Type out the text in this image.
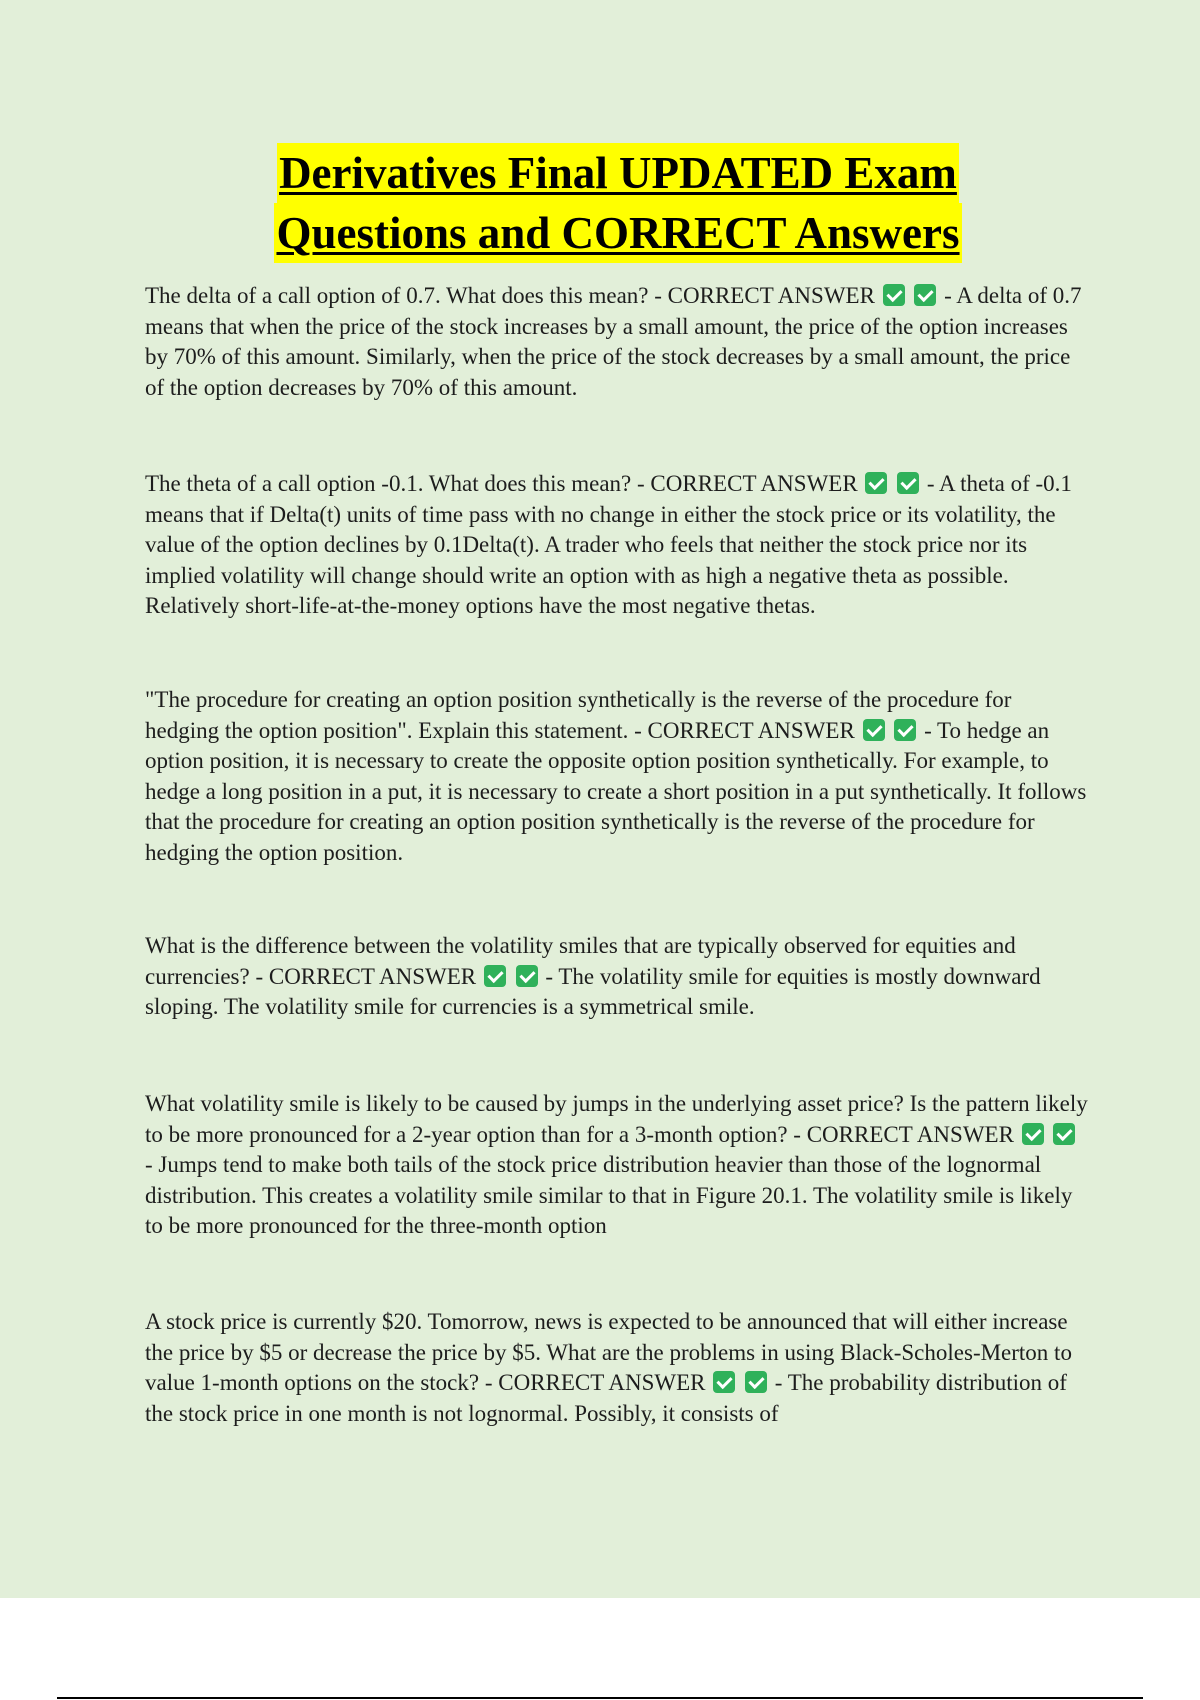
Derivatives Final UPDATED Exam
Questions and CORRECT Answers
The delta of a call option of 0.7. What does this mean? - CORRECT ANSWER	- A delta of 0.7 means that when the price of the stock increases by a small amount, the price of the option increases by 70% of this amount. Similarly, when the price of the stock decreases by a small amount, the price of the option decreases by 70% of this amount.
The theta of a call option -0.1. What does this mean? - CORRECT ANSWER	- A theta of -0.1 means that if Delta(t) units of time pass with no change in either the stock price or its volatility, the value of the option declines by 0.1Delta(t). A trader who feels that neither the stock price nor its implied volatility will change should write an option with as high a negative theta as possible. Relatively short-life-at-the-money options have the most negative thetas.
"The procedure for creating an option position synthetically is the reverse of the procedure for hedging the option position". Explain this statement. - CORRECT ANSWER	- To hedge an option position, it is necessary to create the opposite option position synthetically. For example, to hedge a long position in a put, it is necessary to create a short position in a put synthetically. It follows that the procedure for creating an option position synthetically is the reverse of the procedure for hedging the option position.
What is the difference between the volatility smiles that are typically observed for equities and currencies? - CORRECT ANSWER	- The volatility smile for equities is mostly downward sloping. The volatility smile for currencies is a symmetrical smile.
What volatility smile is likely to be caused by jumps in the underlying asset price? Is the pattern likely to be more pronounced for a 2-year option than for a 3-month option? - CORRECT ANSWER   - Jumps tend to make both tails of the stock price distribution heavier than those of the lognormal distribution. This creates a volatility smile similar to that in Figure 20.1. The volatility smile is likely to be more pronounced for the three-month option
A stock price is currently $20. Tomorrow, news is expected to be announced that will either increase the price by $5 or decrease the price by $5. What are the problems in using Black-Scholes-Merton to value 1-month options on the stock? - CORRECT ANSWER	- The probability distribution of the stock price in one month is not lognormal. Possibly, it consists of
